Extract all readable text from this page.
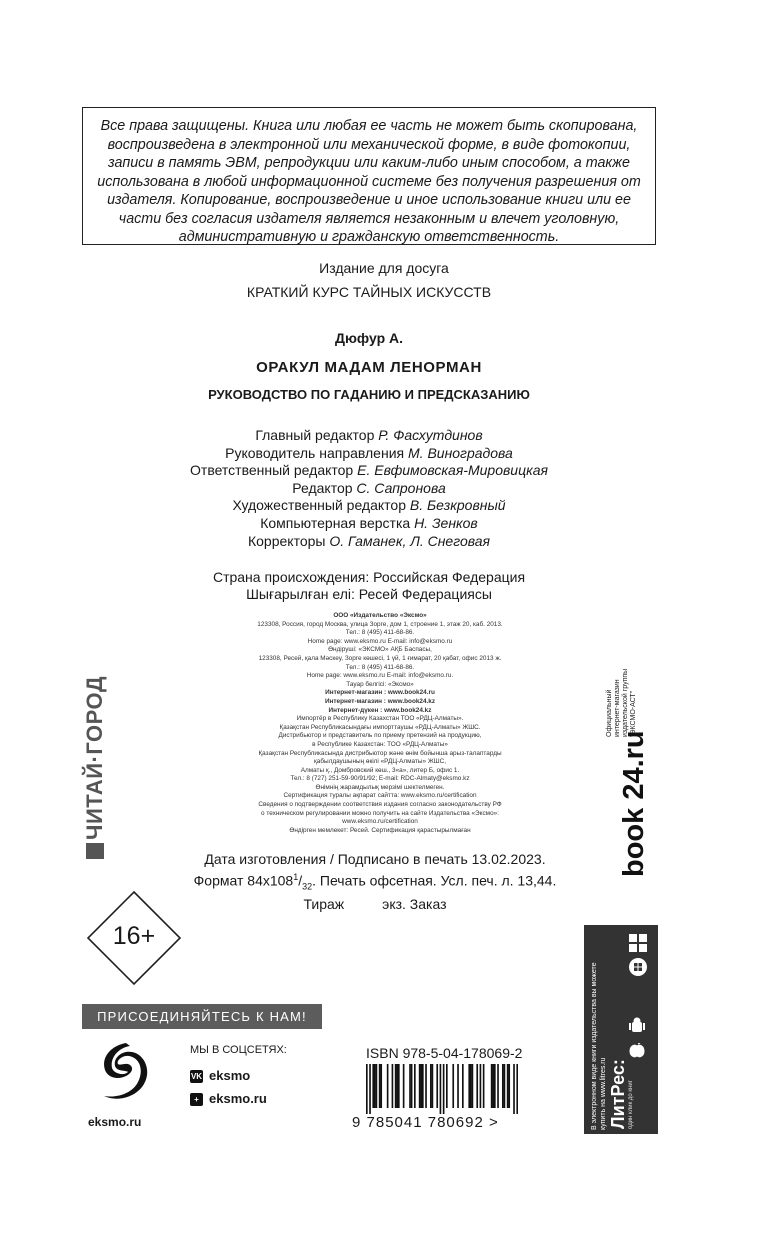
Все права защищены. Книга или любая ее часть не может быть скопирована, воспроизведена в электронной или механической форме, в виде фотокопии, записи в память ЭВМ, репродукции или каким-либо иным способом, а также использована в любой информационной системе без получения разрешения от издателя. Копирование, воспроизведение и иное использование книги или ее части без согласия издателя является незаконным и влечет уголовную, административную и гражданскую ответственность.
Издание для досуга
КРАТКИЙ КУРС ТАЙНЫХ ИСКУССТВ
Дюфур А.
ОРАКУЛ МАДАМ ЛЕНОРМАН
РУКОВОДСТВО ПО ГАДАНИЮ И ПРЕДСКАЗАНИЮ
Главный редактор Р. Фасхутдинов
Руководитель направления М. Виноградова
Ответственный редактор Е. Евфимовская-Мировицкая
Редактор С. Сапронова
Художественный редактор В. Безкровный
Компьютерная верстка Н. Зенков
Корректоры О. Гаманек, Л. Снеговая
Страна происхождения: Российская Федерация
Шығарылған елі: Ресей Федерациясы
ООО «Издательство «Эксмо»
123308, Россия, город Москва, улица Зорге, дом 1, строение 1, этаж 20, каб. 2013.
Тел.: 8 (495) 411-68-86.
Home page: www.eksmo.ru E-mail: info@eksmo.ru
Өндіруші: «ЭКСМО» АҚБ Баспасы,
123308, Ресей, қала Мәскеу, Зорге көшесі, 1 үй, 1 ғимарат, 20 қабат, офис 2013 ж.
Тел.: 8 (495) 411-68-86.
Home page: www.eksmo.ru E-mail: info@eksmo.ru.
Тауар белгісі: «Эксмо»
Интернет-магазин : www.book24.ru
Интернет-магазин : www.book24.kz
Интернет-дүкен : www.book24.kz
Импортёр в Республику Казахстан ТОО «РДЦ-Алматы».
Қазақстан Республикасындағы импорттаушы «РДЦ-Алматы» ЖШС.
Дистрибьютор и представитель по приему претензий на продукцию,
в Республике Казахстан: ТОО «РДЦ-Алматы»
Қазақстан Республикасында дистрибьютор және өнім бойынша арыз-талаптарды
қабылдаушының өкілі «РДЦ-Алматы» ЖШС,
Алматы қ., Домбровский көш., 3«а», литер Б, офис 1.
Тел.: 8 (727) 251-59-90/91/92; E-mail: RDC-Almaty@eksmo.kz
Өнімнің жарамдылық мерзімі шектелмеген.
Сертификация туралы ақпарат сайтта: www.eksmo.ru/certification
Сведения о подтверждении соответствия издания согласно законодательству РФ
о техническом регулировании можно получить на сайте Издательства «Эксмо»:
www.eksmo.ru/certification
Өндірген мемлекет: Ресей. Сертификация қарастырылмаған
Дата изготовления / Подписано в печать 13.02.2023.
Формат $84х108^1/_{32}$. Печать офсетная. Усл. печ. л. 13,44.
Тираж	экз. Заказ
ЧИТАЙ·ГОРОД	Официальный интернет-магазин издательской группы "ЭКСМО-АСТ"
book 24.ru
16+
ПРИСОЕДИНЯЙТЕСЬ К НАМ!
eksmo.ru
МЫ В СОЦСЕТЯХ:
VK eksmo
+ eksmo.ru
ISBN 978-5-04-178069-2
9 785041 780692 >	В электронном виде книги издательства вы можете купить на www.litres.ru ЛитРес: один клик до книг
